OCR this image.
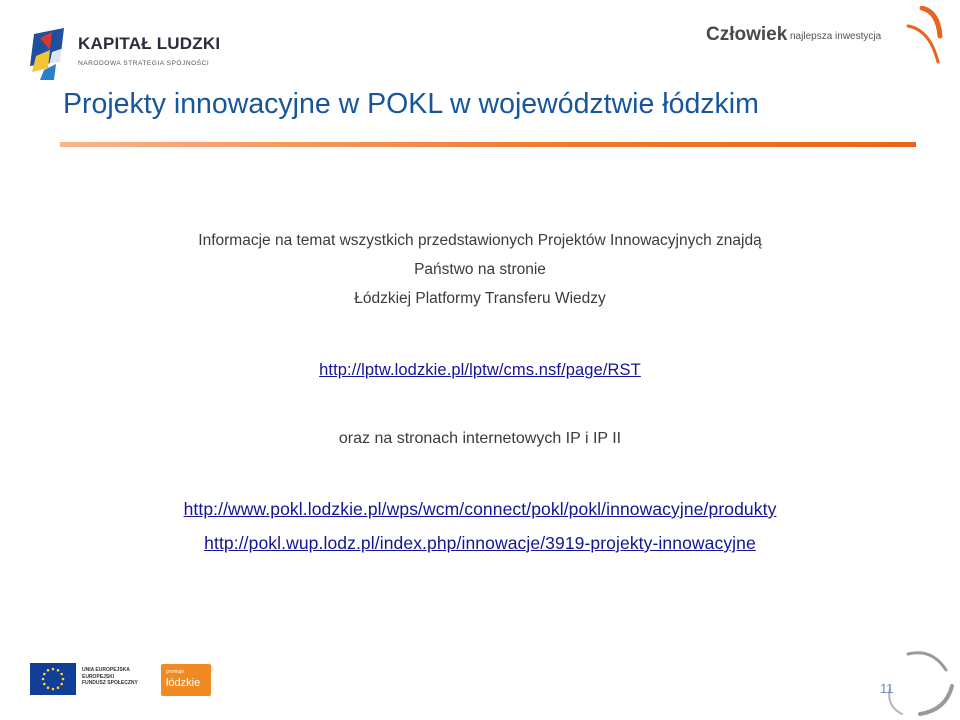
KAPITAŁ LUDZKI
NARODOWA STRATEGIA SPÓJNOŚCI
Człowiek najlepsza inwestycja
Projekty innowacyjne w POKL w województwie łódzkim
Informacje na temat wszystkich przedstawionych Projektów Innowacyjnych znajdą
Państwo na stronie
Łódzkiej Platformy Transferu Wiedzy
http://lptw.lodzkie.pl/lptw/cms.nsf/page/RST
oraz na stronach internetowych IP i IP II
http://www.pokl.lodzkie.pl/wps/wcm/connect/pokl/pokl/innowacyjne/produkty
http://pokl.wup.lodz.pl/index.php/innowacje/3919-projekty-innowacyjne
UNIA EUROPEJSKA
EUROPEJSKI
FUNDUSZ SPOŁECZNY
promuje
łódzkie
®
11
